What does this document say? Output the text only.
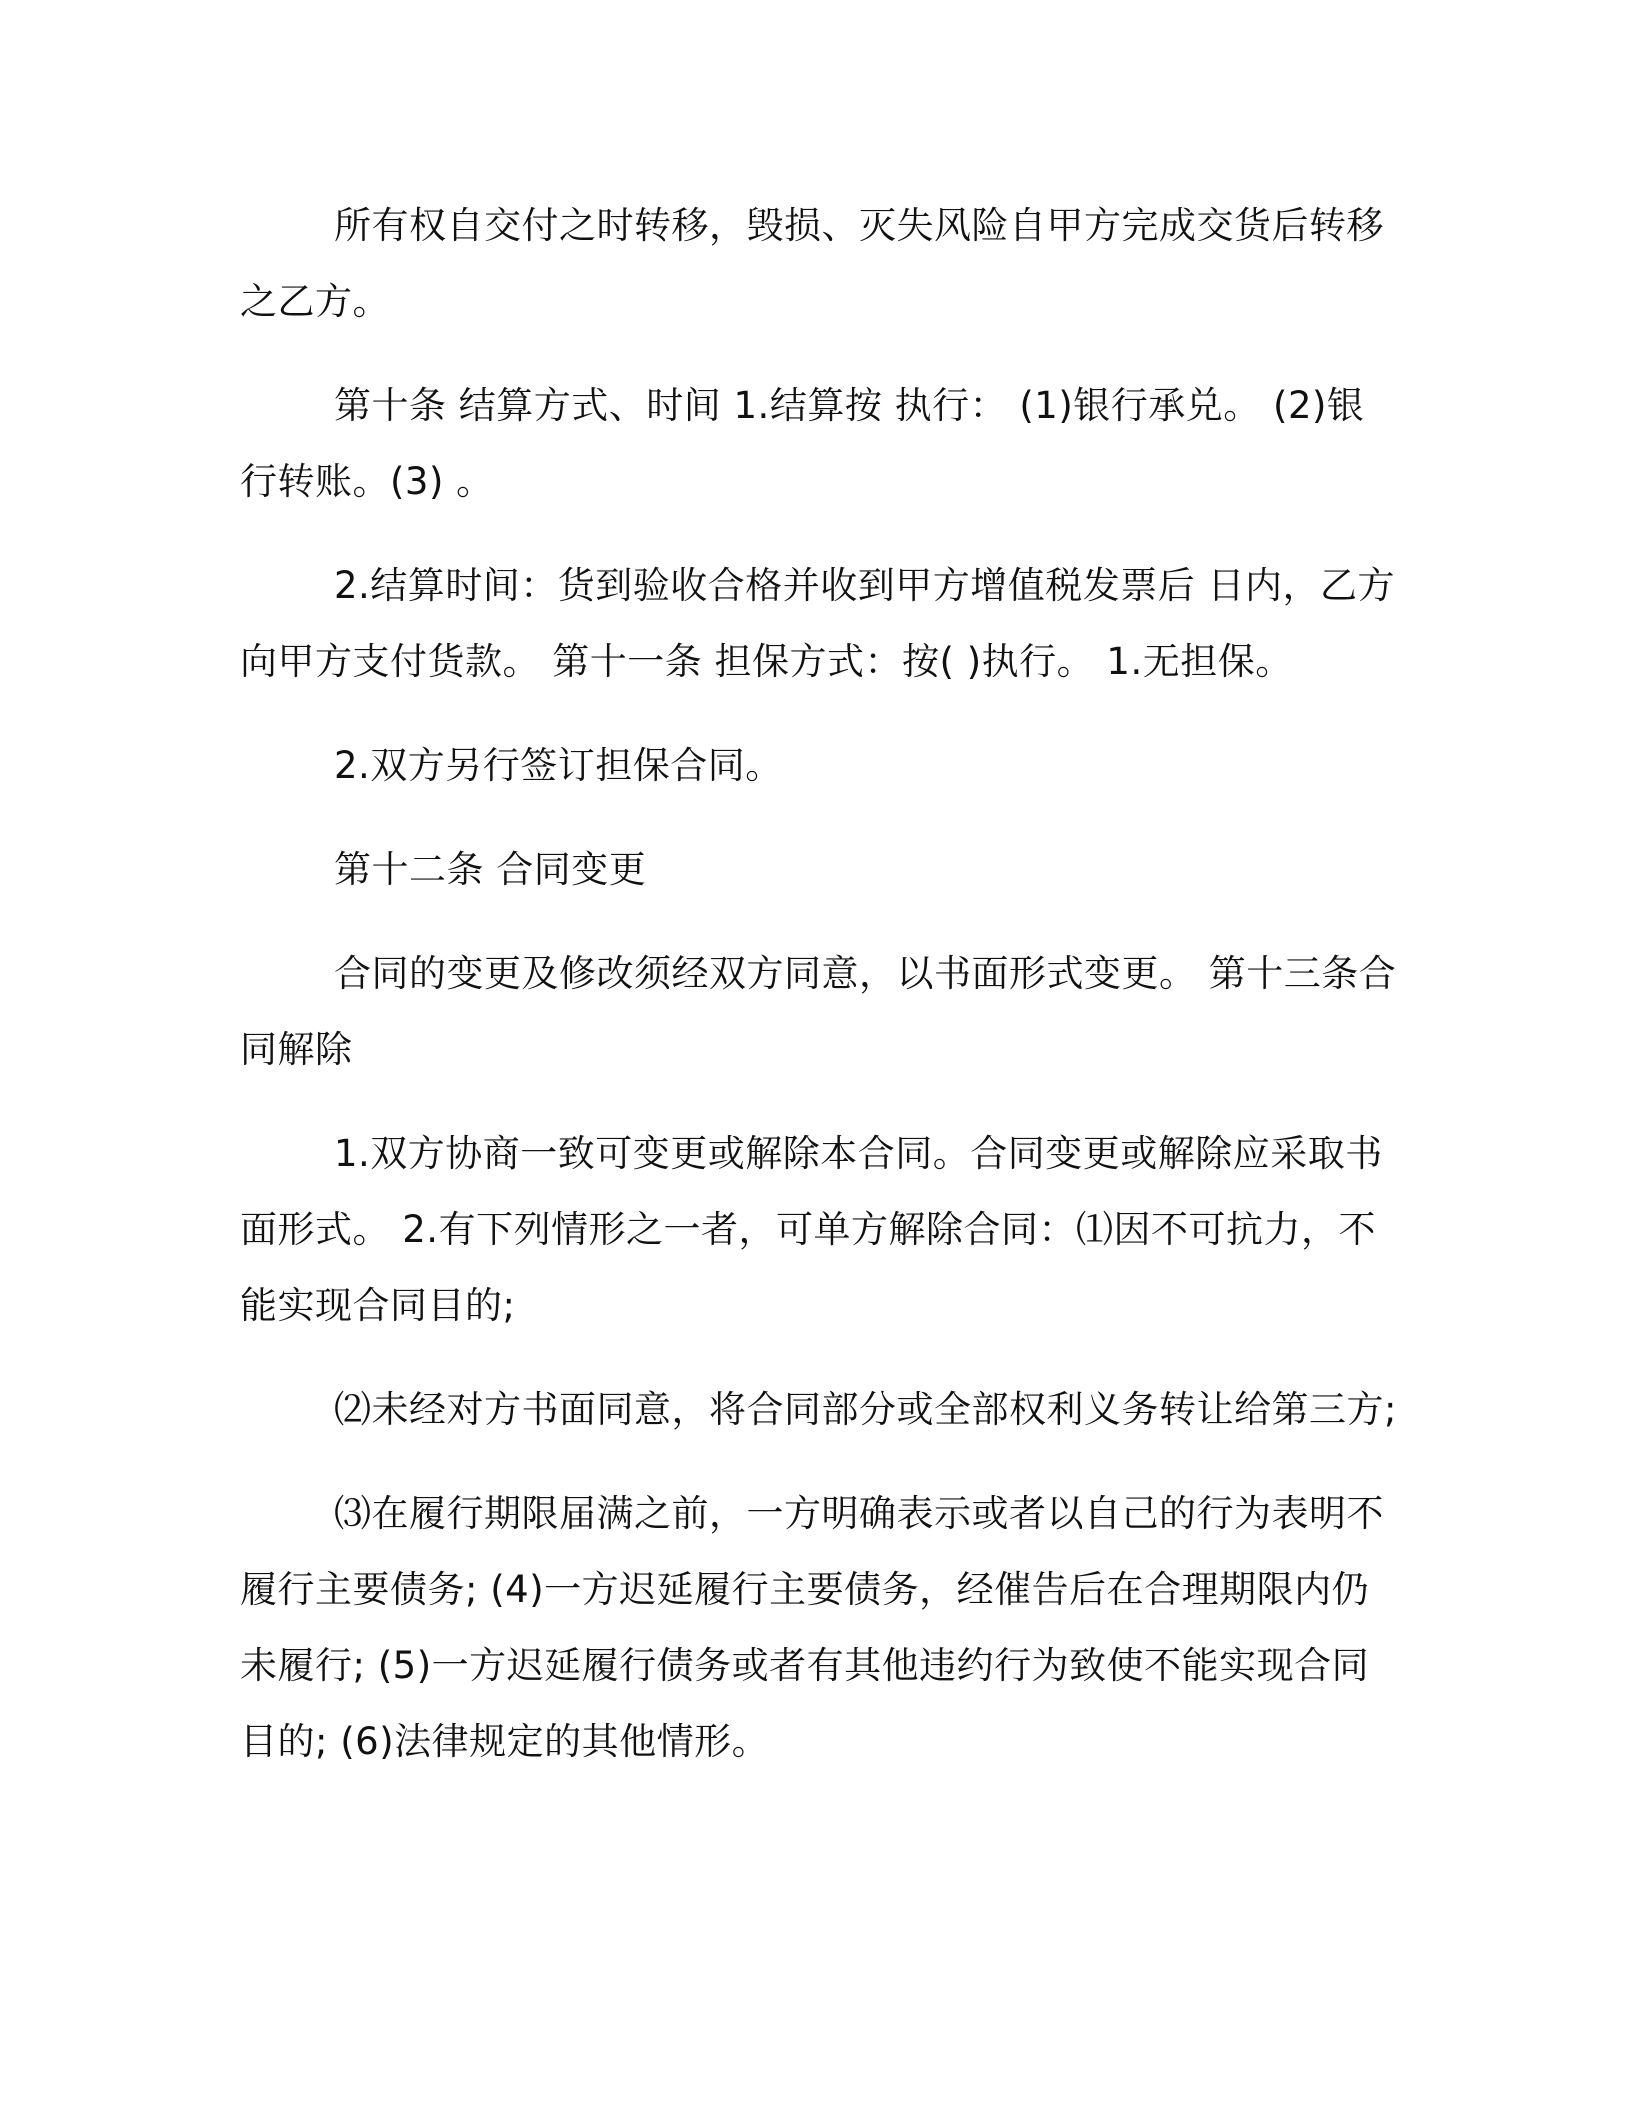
所有权自交付之时转移，毁损、灭失风险自甲方完成交货后转移之乙方。

第十条 结算方式、时间 1.结算按 执行： (1)银行承兑。 (2)银行转账。(3) 。

2.结算时间：货到验收合格并收到甲方增值税发票后 日内，乙方向甲方支付货款。 第十一条 担保方式：按( )执行。 1.无担保。

2.双方另行签订担保合同。

第十二条 合同变更

合同的变更及修改须经双方同意，以书面形式变更。 第十三条合同解除

1.双方协商一致可变更或解除本合同。合同变更或解除应采取书面形式。 2.有下列情形之一者，可单方解除合同：⑴因不可抗力，不能实现合同目的;

⑵未经对方书面同意，将合同部分或全部权利义务转让给第三方;

⑶在履行期限届满之前，一方明确表示或者以自己的行为表明不履行主要债务; (4)一方迟延履行主要债务，经催告后在合理期限内仍未履行; (5)一方迟延履行债务或者有其他违约行为致使不能实现合同目的; (6)法律规定的其他情形。
